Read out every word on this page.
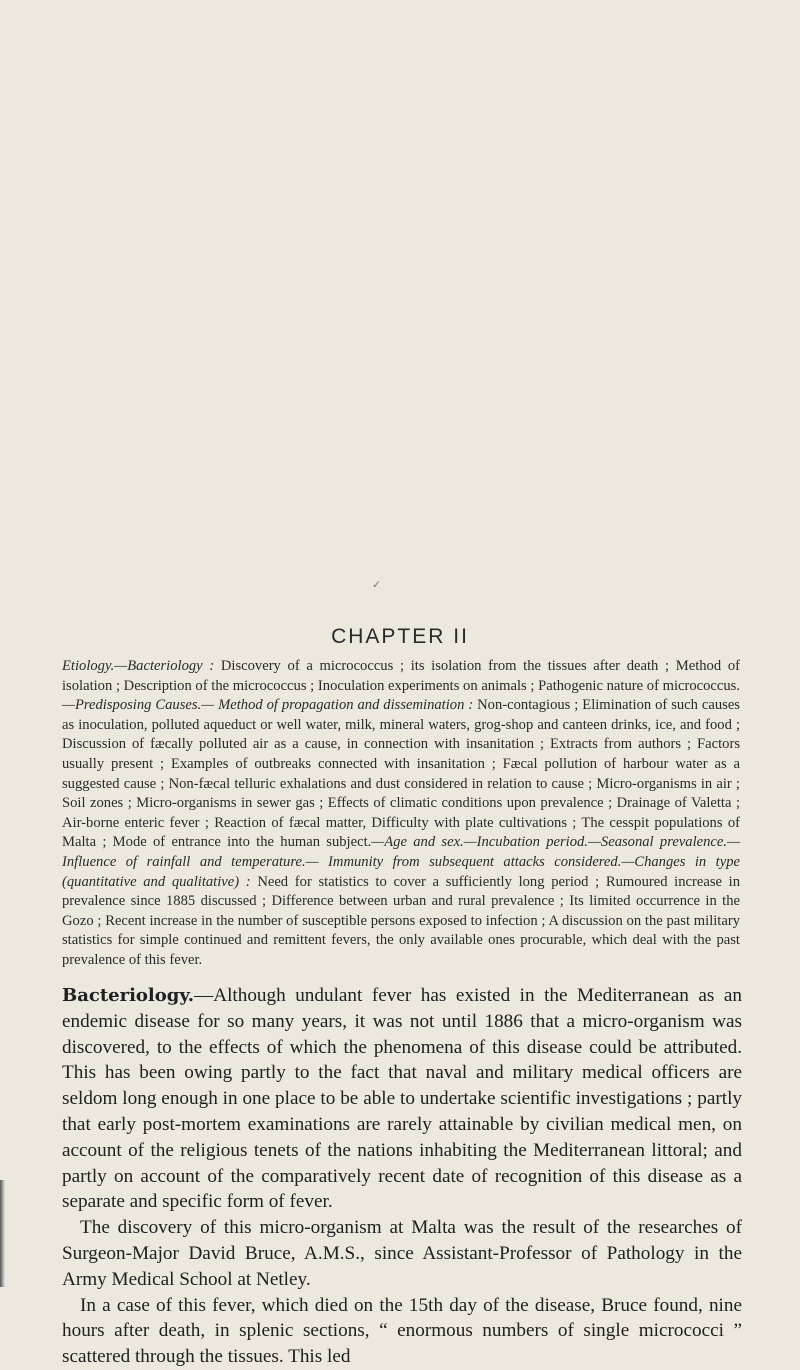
✓
CHAPTER II
Etiology.—Bacteriology : Discovery of a micrococcus ; its isolation from the tissues after death ; Method of isolation ; Description of the micrococcus ; Inoculation experiments on animals ; Pathogenic nature of micrococcus.—Predisposing Causes.— Method of propagation and dissemination : Non-contagious ; Elimination of such causes as inoculation, polluted aqueduct or well water, milk, mineral waters, grog-shop and canteen drinks, ice, and food ; Discussion of fæcally polluted air as a cause, in connection with insanitation ; Extracts from authors ; Factors usually present ; Examples of outbreaks connected with insanitation ; Fæcal pollution of harbour water as a suggested cause ; Non-fæcal telluric exhalations and dust considered in relation to cause ; Micro-organisms in air ; Soil zones ; Micro-organisms in sewer gas ; Effects of climatic conditions upon prevalence ; Drainage of Valetta ; Air-borne enteric fever ; Reaction of fæcal matter, Difficulty with plate cultivations ; The cesspit populations of Malta ; Mode of entrance into the human subject.—Age and sex.—Incubation period.—Seasonal prevalence.—Influence of rainfall and temperature.— Immunity from subsequent attacks considered.—Changes in type (quantitative and qualitative) : Need for statistics to cover a sufficiently long period ; Rumoured increase in prevalence since 1885 discussed ; Difference between urban and rural prevalence ; Its limited occurrence in the Gozo ; Recent increase in the number of susceptible persons exposed to infection ; A discussion on the past military statistics for simple continued and remittent fevers, the only available ones procurable, which deal with the past prevalence of this fever.

Bacteriology.—Although undulant fever has existed in the Mediterranean as an endemic disease for so many years, it was not until 1886 that a micro-organism was discovered, to the effects of which the phenomena of this disease could be attributed. This has been owing partly to the fact that naval and military medical officers are seldom long enough in one place to be able to undertake scientific investigations ; partly that early post-mortem examinations are rarely attainable by civilian medical men, on account of the religious tenets of the nations inhabiting the Mediterranean littoral; and partly on account of the comparatively recent date of recognition of this disease as a separate and specific form of fever.

The discovery of this micro-organism at Malta was the result of the researches of Surgeon-Major David Bruce, A.M.S., since Assistant-Professor of Pathology in the Army Medical School at Netley.

In a case of this fever, which died on the 15th day of the disease, Bruce found, nine hours after death, in splenic sections, “ enormous numbers of single micrococci ” scattered through the tissues. This led
